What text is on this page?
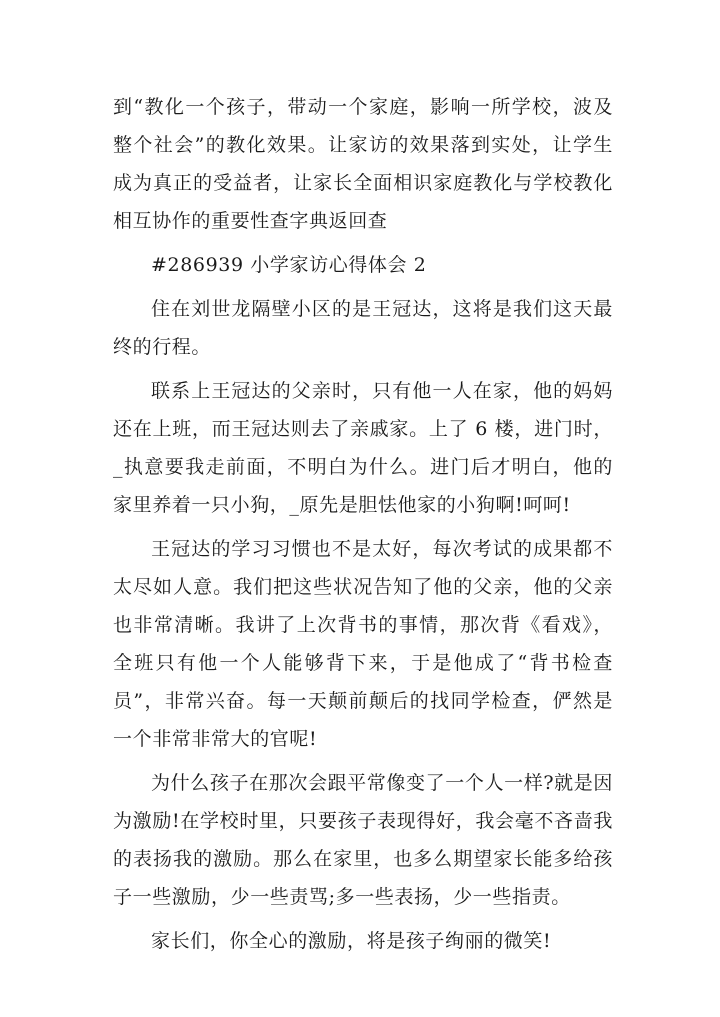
到“教化一个孩子，带动一个家庭，影响一所学校，波及整个社会”的教化效果。让家访的效果落到实处，让学生成为真正的受益者，让家长全面相识家庭教化与学校教化相互协作的重要性查字典返回查

#286939 小学家访心得体会 2

住在刘世龙隔壁小区的是王冠达，这将是我们这天最终的行程。

联系上王冠达的父亲时，只有他一人在家，他的妈妈还在上班，而王冠达则去了亲戚家。上了 6 楼，进门时，_执意要我走前面，不明白为什么。进门后才明白，他的家里养着一只小狗，_原先是胆怯他家的小狗啊!呵呵!

王冠达的学习习惯也不是太好，每次考试的成果都不太尽如人意。我们把这些状况告知了他的父亲，他的父亲也非常清晰。我讲了上次背书的事情，那次背《看戏》，全班只有他一个人能够背下来，于是他成了“背书检查员”，非常兴奋。每一天颠前颠后的找同学检查，俨然是一个非常非常大的官呢!

为什么孩子在那次会跟平常像变了一个人一样?就是因为激励!在学校时里，只要孩子表现得好，我会毫不吝啬我的表扬我的激励。那么在家里，也多么期望家长能多给孩子一些激励，少一些责骂;多一些表扬，少一些指责。

家长们，你全心的激励，将是孩子绚丽的微笑!
